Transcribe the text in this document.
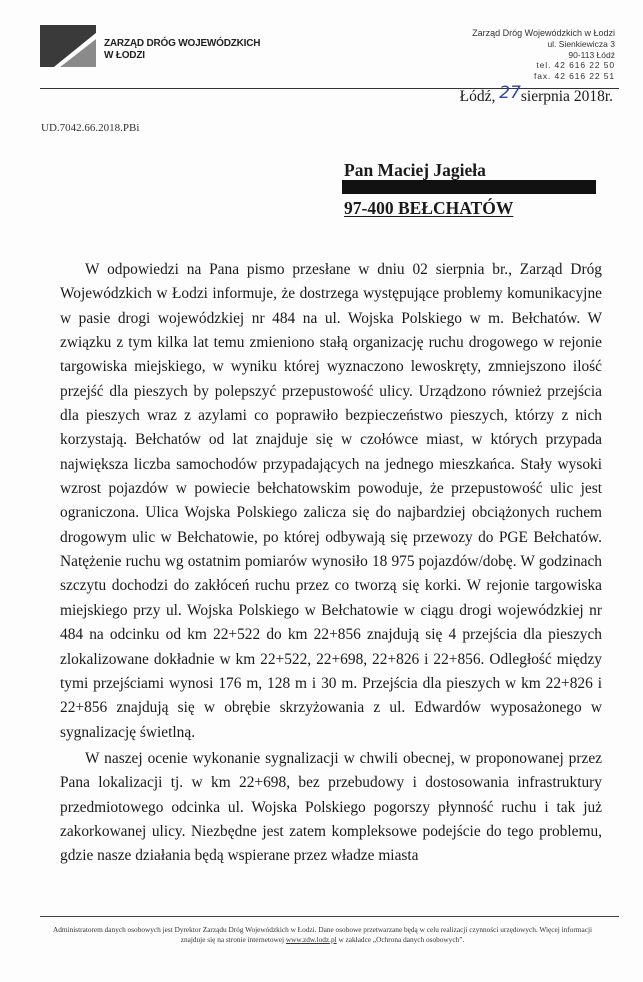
ZARZĄD DRÓG WOJEWÓDZKICH
W ŁODZI
Zarząd Dróg Wojewódzkich w Łodzi
ul. Sienkiewicza 3
90-113 Łódź
tel. 42 616 22 50
fax. 42 616 22 51
Łódź, 27sierpnia 2018r.
UD.7042.66.2018.PBi
Pan Maciej Jagieła
97-400 BEŁCHATÓW

W odpowiedzi na Pana pismo przesłane w dniu 02 sierpnia br., Zarząd Dróg Wojewódzkich w Łodzi informuje, że dostrzega występujące problemy komunikacyjne w pasie drogi wojewódzkiej nr 484 na ul. Wojska Polskiego w m. Bełchatów. W związku z tym kilka lat temu zmieniono stałą organizację ruchu drogowego w rejonie targowiska miejskiego, w wyniku której wyznaczono lewoskręty, zmniejszono ilość przejść dla pieszych by polepszyć przepustowość ulicy. Urządzono również przejścia dla pieszych wraz z azylami co poprawiło bezpieczeństwo pieszych, którzy z nich korzystają. Bełchatów od lat znajduje się w czołówce miast, w których przypada największa liczba samochodów przypadających na jednego mieszkańca. Stały wysoki wzrost pojazdów w powiecie bełchatowskim powoduje, że przepustowość ulic jest ograniczona. Ulica Wojska Polskiego zalicza się do najbardziej obciążonych ruchem drogowym ulic w Bełchatowie, po której odbywają się przewozy do PGE Bełchatów. Natężenie ruchu wg ostatnim pomiarów wynosiło 18 975 pojazdów/dobę. W godzinach szczytu dochodzi do zakłóceń ruchu przez co tworzą się korki. W rejonie targowiska miejskiego przy ul. Wojska Polskiego w Bełchatowie w ciągu drogi wojewódzkiej nr 484 na odcinku od km 22+522 do km 22+856 znajdują się 4 przejścia dla pieszych zlokalizowane dokładnie w km 22+522, 22+698, 22+826 i 22+856. Odległość między tymi przejściami wynosi 176 m, 128 m i 30 m. Przejścia dla pieszych w km 22+826 i 22+856 znajdują się w obrębie skrzyżowania z ul. Edwardów wyposażonego w sygnalizację świetlną.

W naszej ocenie wykonanie sygnalizacji w chwili obecnej, w proponowanej przez Pana lokalizacji tj. w km 22+698, bez przebudowy i dostosowania infrastruktury przedmiotowego odcinka ul. Wojska Polskiego pogorszy płynność ruchu i tak już zakorkowanej ulicy. Niezbędne jest zatem kompleksowe podejście do tego problemu, gdzie nasze działania będą wspierane przez władze miasta

Administratorem danych osobowych jest Dyrektor Zarządu Dróg Wojewódzkich w Łodzi. Dane osobowe przetwarzane będą w celu realizacji czynności urzędowych. Więcej informacji znajduje się na stronie internetowej www.zdw.lodz.pl w zakładce „Ochrona danych osobowych”.
